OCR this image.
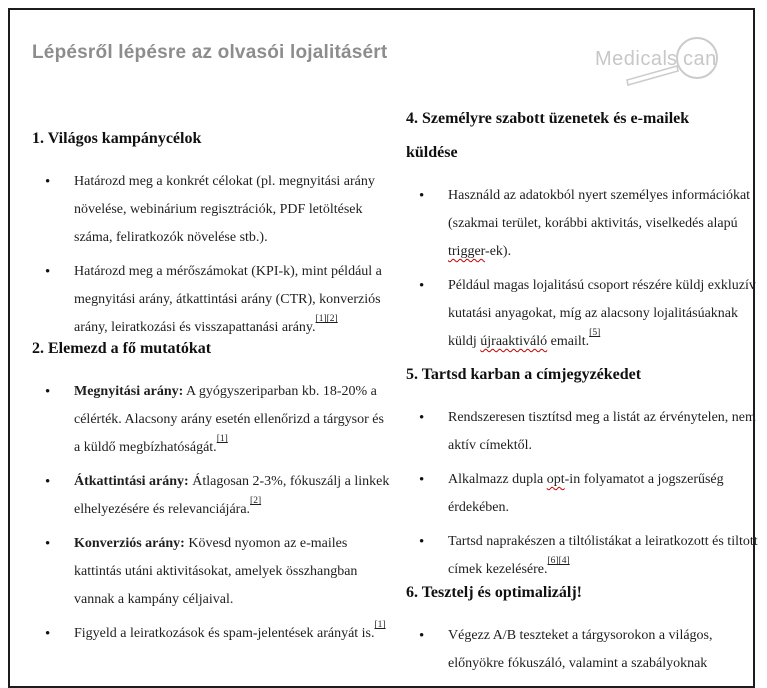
Lépésről lépésre az olvasói lojalitásért	Medical s can
1. Világos kampánycélok
• Határozd meg a konkrét célokat (pl. megnyitási arány növelése, webinárium regisztrációk, PDF letöltések száma, feliratkozók növelése stb.).
• Határozd meg a mérőszámokat (KPI-k), mint például a megnyitási arány, átkattintási arány (CTR), konverziós arány, leiratkozási és visszapattanási arány.[1][2]
2. Elemezd a fő mutatókat
• Megnyitási arány: A gyógyszeriparban kb. 18-20% a célérték. Alacsony arány esetén ellenőrizd a tárgysor és a küldő megbízhatóságát.[1]
• Átkattintási arány: Átlagosan 2-3%, fókuszálj a linkek elhelyezésére és relevanciájára.[2]
• Konverziós arány: Kövesd nyomon az e-mailes kattintás utáni aktivitásokat, amelyek összhangban vannak a kampány céljaival.
• Figyeld a leiratkozások és spam-jelentések arányát is.[1]
4. Személyre szabott üzenetek és e-mailek küldése
• Használd az adatokból nyert személyes információkat (szakmai terület, korábbi aktivitás, viselkedés alapú trigger-ek).
• Például magas lojalitású csoport részére küldj exkluzív kutatási anyagokat, míg az alacsony lojalitásúaknak küldj újraaktiváló emailt.[5]
5. Tartsd karban a címjegyzékedet
• Rendszeresen tisztítsd meg a listát az érvénytelen, nem aktív címektől.
• Alkalmazz dupla opt-in folyamatot a jogszerűség érdekében.
• Tartsd naprakészen a tiltólistákat a leiratkozott és tiltott címek kezelésére.[6][4]
6. Tesztelj és optimalizálj!
• Végezz A/B teszteket a tárgysorokon a világos, előnyökre fókuszáló, valamint a szabályoknak
